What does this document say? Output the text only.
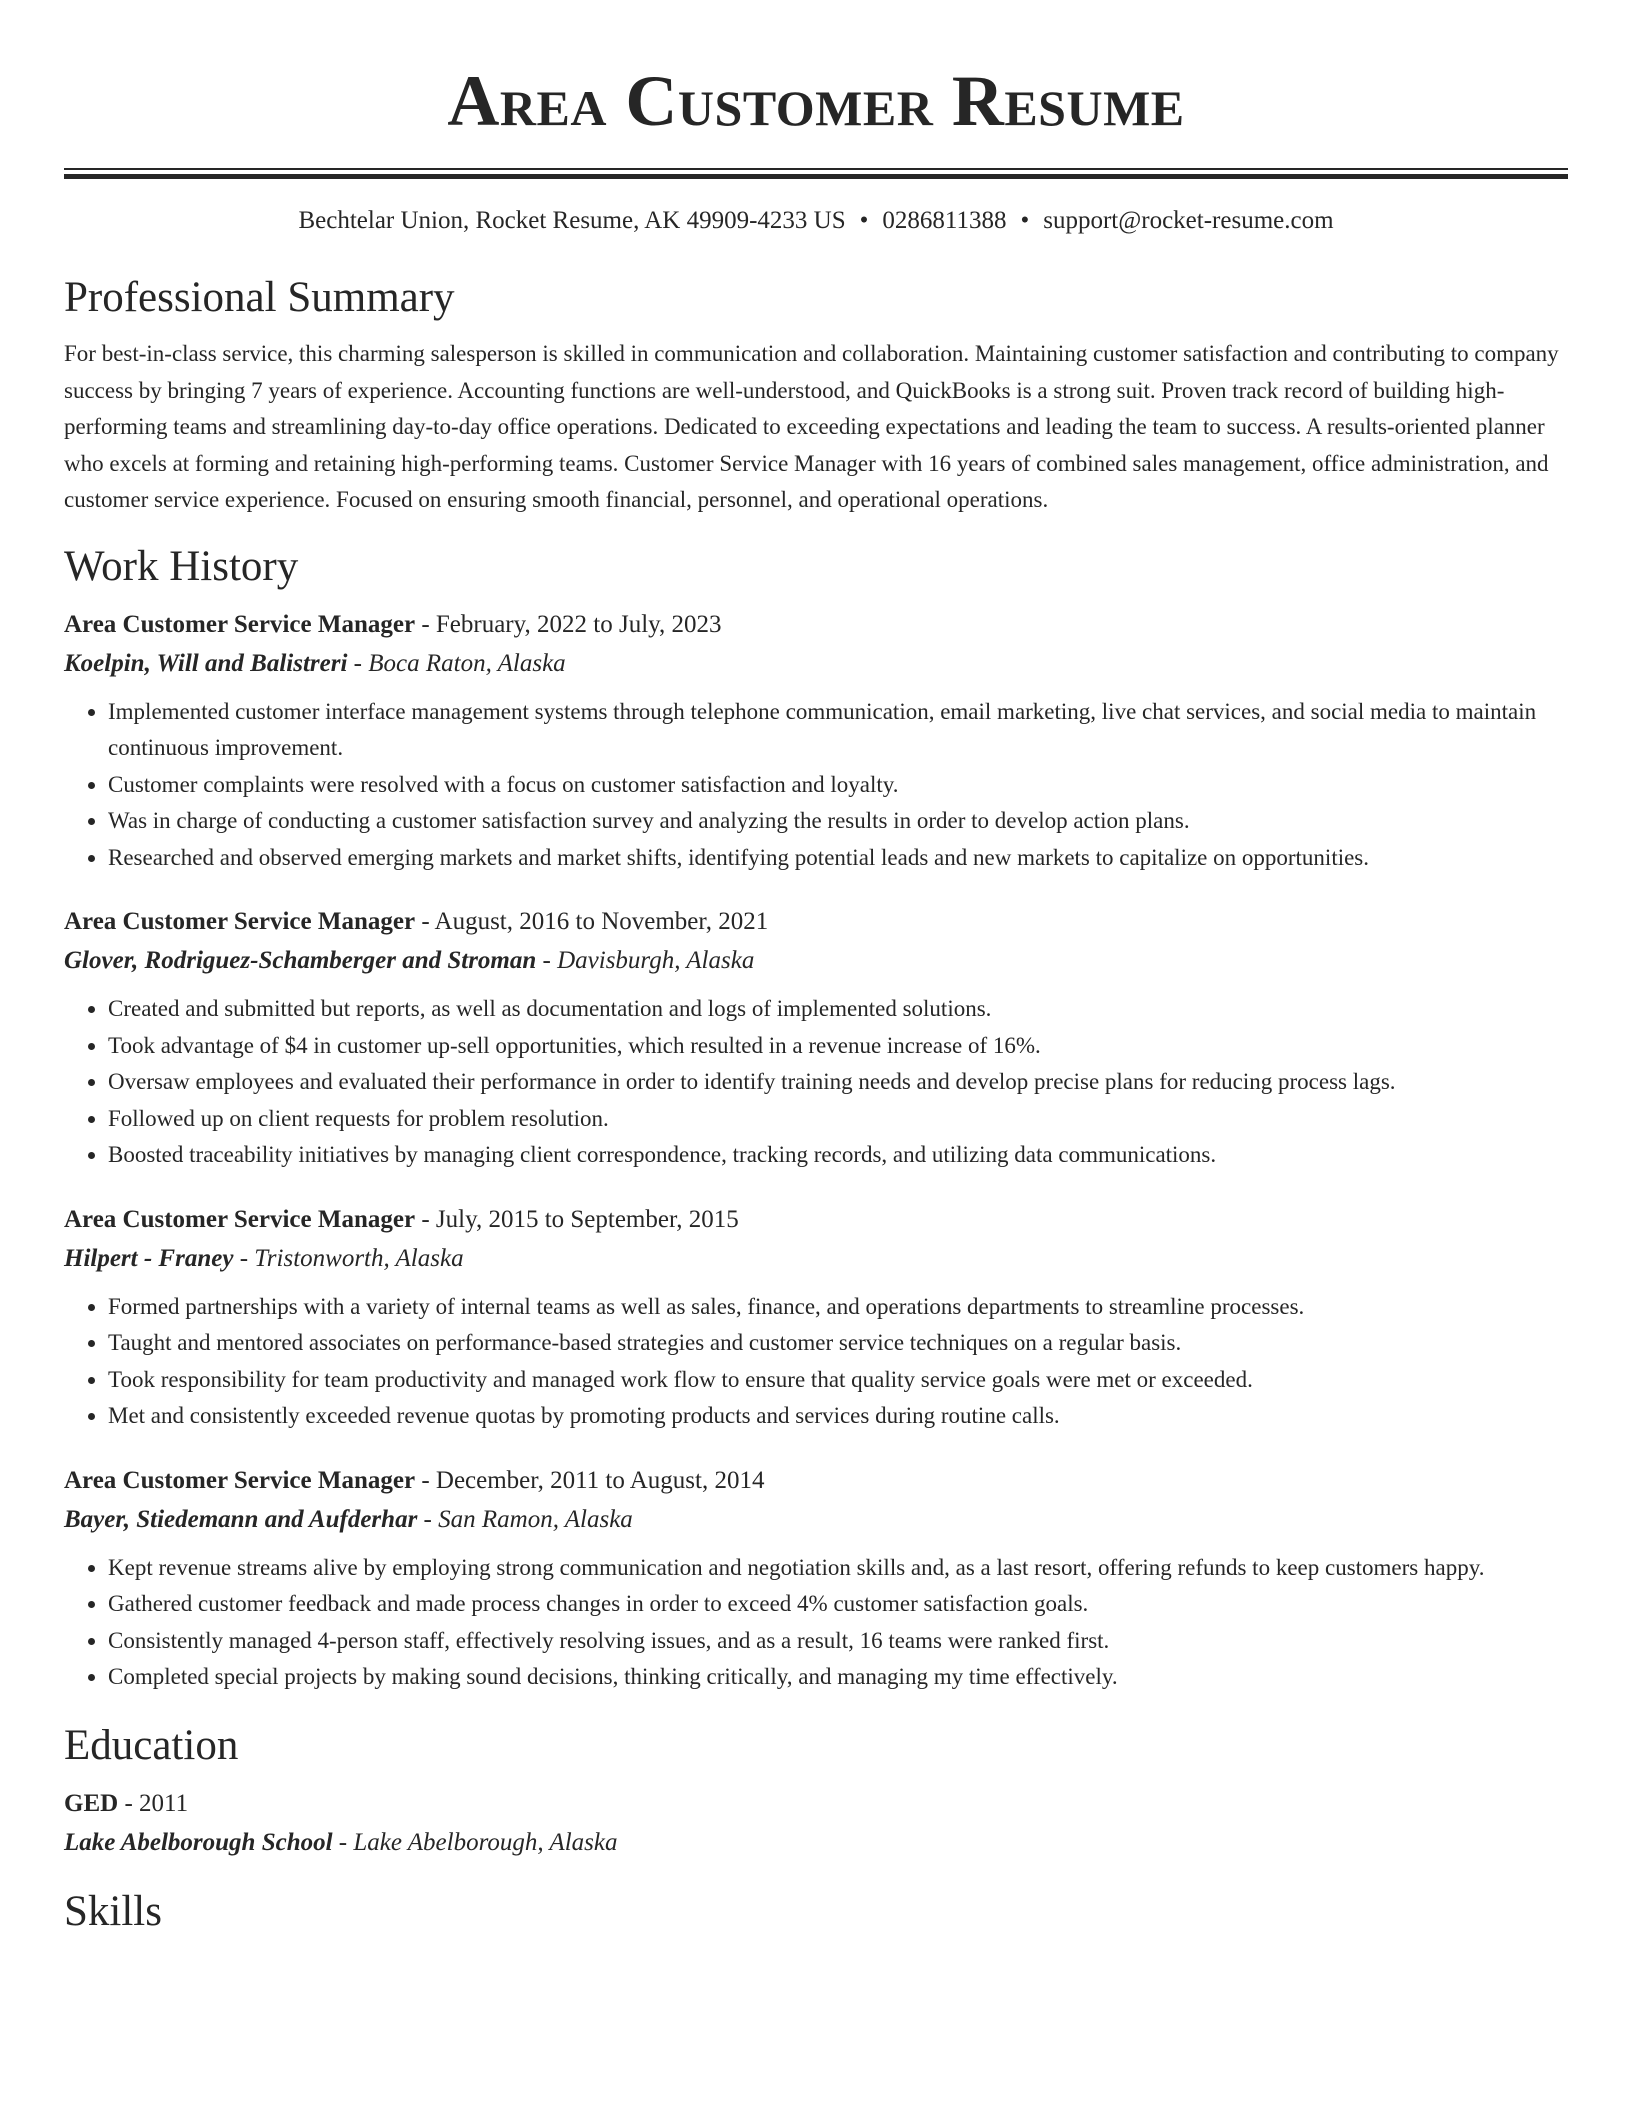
Area Customer Resume
Bechtelar Union, Rocket Resume, AK 49909-4233 US • 0286811388 • support@rocket-resume.com
Professional Summary
For best-in-class service, this charming salesperson is skilled in communication and collaboration. Maintaining customer satisfaction and contributing to company success by bringing 7 years of experience. Accounting functions are well-understood, and QuickBooks is a strong suit. Proven track record of building high-performing teams and streamlining day-to-day office operations. Dedicated to exceeding expectations and leading the team to success. A results-oriented planner who excels at forming and retaining high-performing teams. Customer Service Manager with 16 years of combined sales management, office administration, and customer service experience. Focused on ensuring smooth financial, personnel, and operational operations.
Work History
Area Customer Service Manager - February, 2022 to July, 2023
Koelpin, Will and Balistreri - Boca Raton, Alaska
• Implemented customer interface management systems through telephone communication, email marketing, live chat services, and social media to maintain continuous improvement.
• Customer complaints were resolved with a focus on customer satisfaction and loyalty.
• Was in charge of conducting a customer satisfaction survey and analyzing the results in order to develop action plans.
• Researched and observed emerging markets and market shifts, identifying potential leads and new markets to capitalize on opportunities.
Area Customer Service Manager - August, 2016 to November, 2021
Glover, Rodriguez-Schamberger and Stroman - Davisburgh, Alaska
• Created and submitted but reports, as well as documentation and logs of implemented solutions.
• Took advantage of $4 in customer up-sell opportunities, which resulted in a revenue increase of 16%.
• Oversaw employees and evaluated their performance in order to identify training needs and develop precise plans for reducing process lags.
• Followed up on client requests for problem resolution.
• Boosted traceability initiatives by managing client correspondence, tracking records, and utilizing data communications.
Area Customer Service Manager - July, 2015 to September, 2015
Hilpert - Franey - Tristonworth, Alaska
• Formed partnerships with a variety of internal teams as well as sales, finance, and operations departments to streamline processes.
• Taught and mentored associates on performance-based strategies and customer service techniques on a regular basis.
• Took responsibility for team productivity and managed work flow to ensure that quality service goals were met or exceeded.
• Met and consistently exceeded revenue quotas by promoting products and services during routine calls.
Area Customer Service Manager - December, 2011 to August, 2014
Bayer, Stiedemann and Aufderhar - San Ramon, Alaska
• Kept revenue streams alive by employing strong communication and negotiation skills and, as a last resort, offering refunds to keep customers happy.
• Gathered customer feedback and made process changes in order to exceed 4% customer satisfaction goals.
• Consistently managed 4-person staff, effectively resolving issues, and as a result, 16 teams were ranked first.
• Completed special projects by making sound decisions, thinking critically, and managing my time effectively.
Education
GED - 2011
Lake Abelborough School - Lake Abelborough, Alaska
Skills
